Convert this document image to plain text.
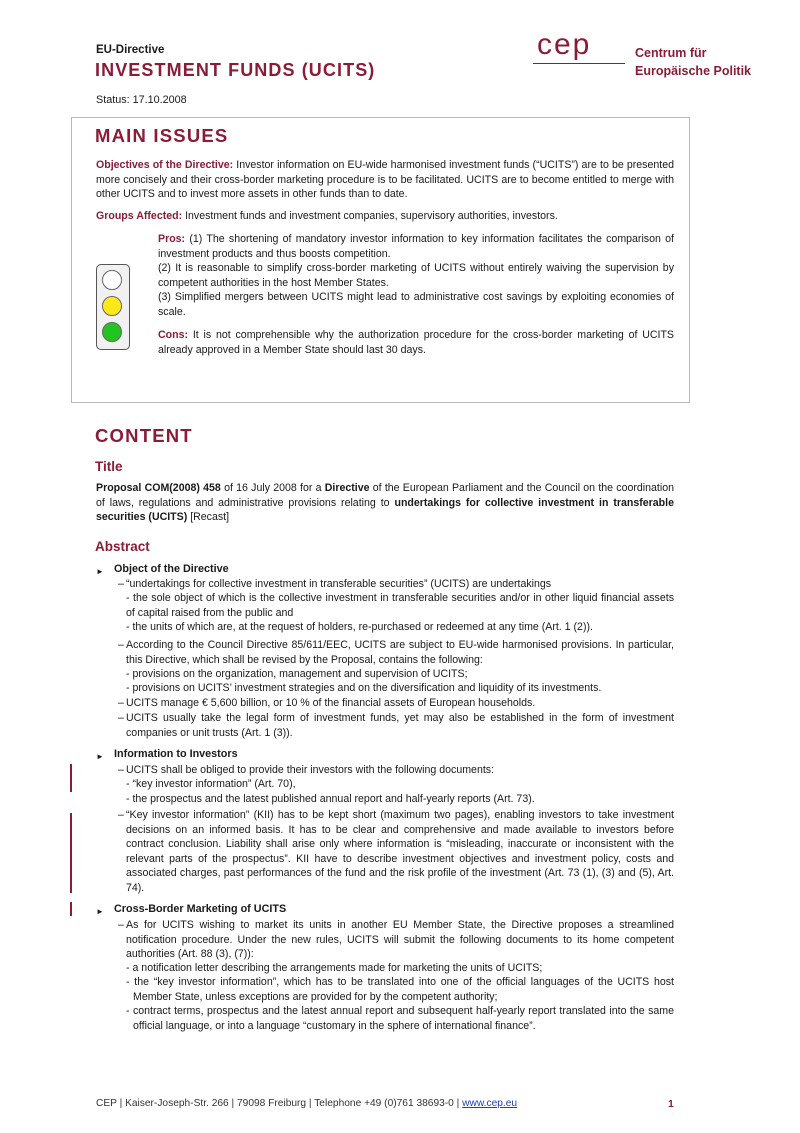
EU-Directive
INVESTMENT FUNDS (UCITS)
Status: 17.10.2008
cep	Centrum für
Europäische Politik
MAIN ISSUES
Objectives of the Directive: Investor information on EU-wide harmonised investment funds (“UCITS”) are to be presented more concisely and their cross-border marketing procedure is to be facilitated. UCITS are to become entitled to merge with other UCITS and to invest more assets in other funds than to date.
Groups Affected: Investment funds and investment companies, supervisory authorities, investors.
Pros: (1) The shortening of mandatory investor information to key information facilitates the comparison of investment products and thus boosts competition.
(2) It is reasonable to simplify cross-border marketing of UCITS without entirely waiving the supervision by competent authorities in the host Member States.
(3) Simplified mergers between UCITS might lead to administrative cost savings by exploiting economies of scale.
Cons: It is not comprehensible why the authorization procedure for the cross-border marketing of UCITS already approved in a Member State should last 30 days.
CONTENT
Title
Proposal COM(2008) 458 of 16 July 2008 for a Directive of the European Parliament and the Council on the coordination of laws, regulations and administrative provisions relating to undertakings for collective investment in transferable securities (UCITS) [Recast]
Abstract
► Object of the Directive
– “undertakings for collective investment in transferable securities” (UCITS) are undertakings
- the sole object of which is the collective investment in transferable securities and/or in other liquid financial assets of capital raised from the public and
- the units of which are, at the request of holders, re-purchased or redeemed at any time (Art. 1 (2)).
– According to the Council Directive 85/611/EEC, UCITS are subject to EU-wide harmonised provisions. In particular, this Directive, which shall be revised by the Proposal, contains the following:
- provisions on the organization, management and supervision of UCITS;
- provisions on UCITS’ investment strategies and on the diversification and liquidity of its investments.
– UCITS manage € 5,600 billion, or 10 % of the financial assets of European households.
– UCITS usually take the legal form of investment funds, yet may also be established in the form of investment companies or unit trusts (Art. 1 (3)).
► Information to Investors
– UCITS shall be obliged to provide their investors with the following documents:
- “key investor information” (Art. 70),
- the prospectus and the latest published annual report and half-yearly reports (Art. 73).
– “Key investor information” (KII) has to be kept short (maximum two pages), enabling investors to take investment decisions on an informed basis. It has to be clear and comprehensive and made available to investors before contract conclusion. Liability shall arise only where information is “misleading, inaccurate or inconsistent with the relevant parts of the prospectus”. KII have to describe investment objectives and investment policy, costs and associated charges, past performances of the fund and the risk profile of the investment (Art. 73 (1), (3) and (5), Art. 74).
► Cross-Border Marketing of UCITS
– As for UCITS wishing to market its units in another EU Member State, the Directive proposes a streamlined notification procedure. Under the new rules, UCITS will submit the following documents to its home competent authorities (Art. 88 (3), (7)):
- a notification letter describing the arrangements made for marketing the units of UCITS;
- the “key investor information”, which has to be translated into one of the official languages of the UCITS host Member State, unless exceptions are provided for by the competent authority;
- contract terms, prospectus and the latest annual report and subsequent half-yearly report translated into the same official language, or into a language “customary in the sphere of international finance”.
CEP | Kaiser-Joseph-Str. 266 | 79098 Freiburg | Telephone +49 (0)761 38693-0 | www.cep.eu	1
